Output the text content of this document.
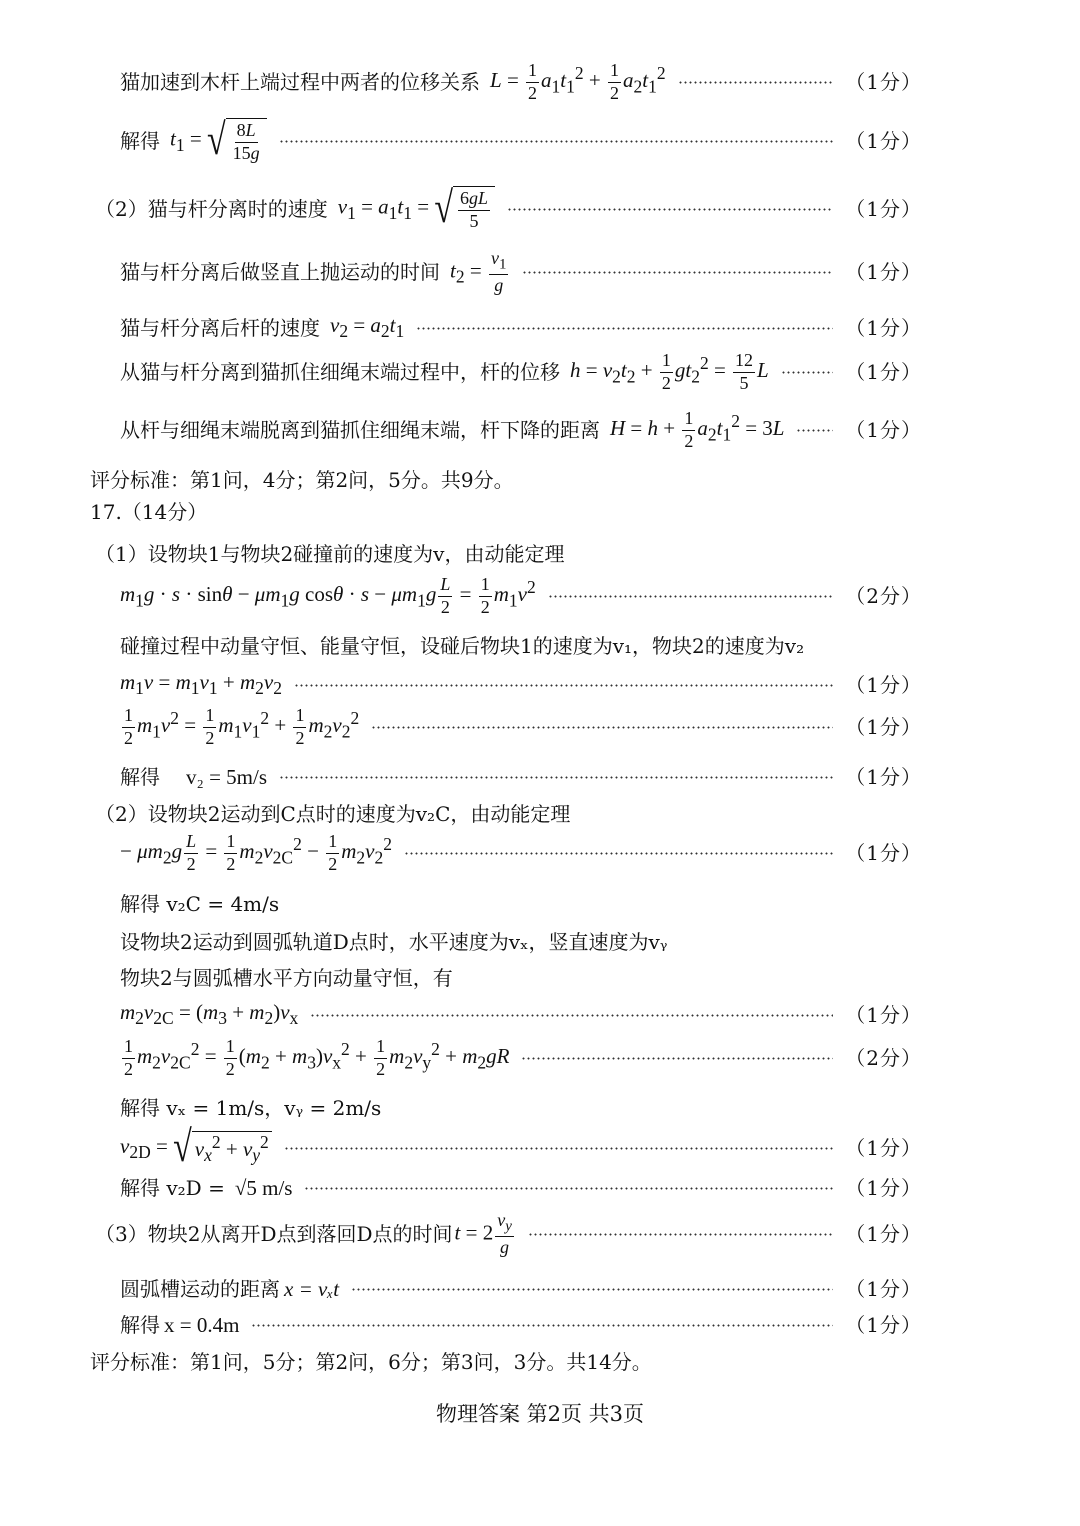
猫加速到木杆上端过程中两者的位移关系 $L = \frac{1}{2} a_1t_1^2 + \frac{1}{2} a_2t_1^2$	（1分）
解得 $t_1$ = √ $\frac{8L}{15g}$	（1分）
（2）猫与杆分离时的速度 $v_1 = a_1t_1$ = √ $\frac{6gL}{5}$	（1分）
猫与杆分离后做竖直上抛运动的时间 $t_2 = \frac{v_1}{g}$	（1分）
猫与杆分离后杆的速度 $v_2 = a_2t_1$	（1分）
从猫与杆分离到猫抓住细绳末端过程中，杆的位移 $h = v_2t_2 + \frac{1}{2} gt_2^2 = \frac{12}{5}$ L	（1分）
从杆与细绳末端脱离到猫抓住细绳末端，杆下降的距离 $H = h + \frac{1}{2} a_2t_1^2 = 3L$	（1分）
评分标准：第1问，4分；第2问，5分。共9分。
17.（14分）
（1）设物块1与物块2碰撞前的速度为v，由动能定理
$m_1g \cdot s \cdot \sin\theta - \mu m_1g$ $\cos\theta \cdot s - \mu m_1g \frac{L}{2} = \frac{1}{2} m_1v^2$	（2分）
碰撞过程中动量守恒、能量守恒，设碰后物块1的速度为v₁，物块2的速度为v₂
$m_1v = m_1v_1 + m_2v_2$	（1分）
$\frac{1}{2} m_1v^2 = \frac{1}{2} m_1v_1^2 + \frac{1}{2} m_2v_2^2$	（1分）
解得 v₂ = 5m/s	（1分）
（2）设物块2运动到C点时的速度为v₂C，由动能定理
− $\mu m_2g \frac{L}{2} = \frac{1}{2} m_2v_{2C}^2 - \frac{1}{2} m_2v_2^2$	（1分）
解得 v₂C = 4m/s
设物块2运动到圆弧轨道D点时，水平速度为vₓ，竖直速度为vᵧ
物块2与圆弧槽水平方向动量守恒，有
$m_2v_{2C} = (m_3 + m_2)v_x$	（1分）
$\frac{1}{2} m_2v_{2C}^2 = \frac{1}{2} (m_2 + m_3)v_x^2 + \frac{1}{2} m_2v_y^2 + m_2gR$	（2分）
解得 vₓ = 1m/s，vᵧ = 2m/s
$v_{2D}$ = √ $v_x^2 + v_y^2$	（1分）
解得 v₂D = √5 m/s	（1分）
（3）物块2从离开D点到落回D点的时间 $t = 2 \frac{v_y}{g}$	（1分）
圆弧槽运动的距离 x = vₓt	（1分）
解得 x = 0.4m	（1分）
评分标准：第1问，5分；第2问，6分；第3问，3分。共14分。
物理答案 第2页 共3页
